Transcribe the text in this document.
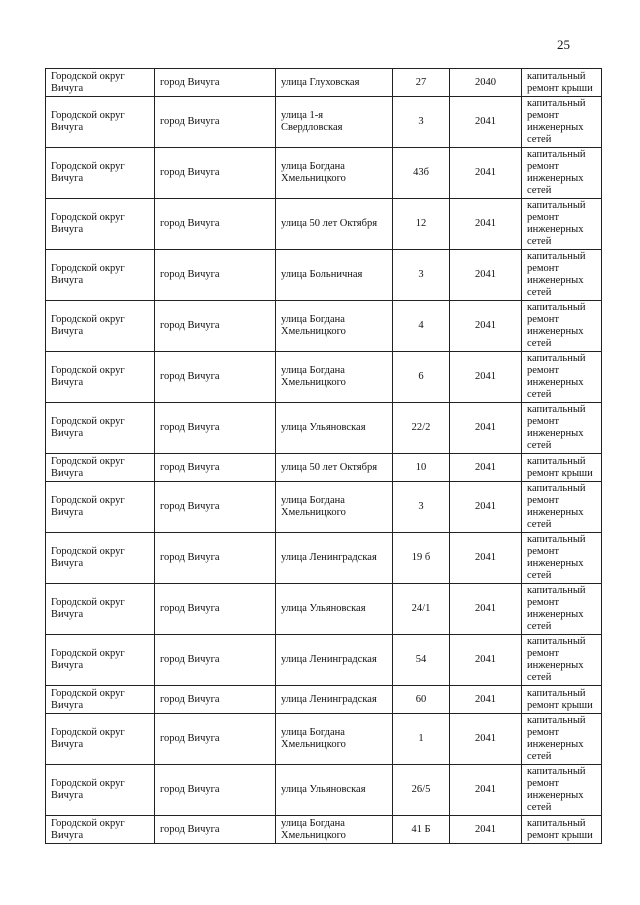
25
Городской округ Вичуга	город Вичуга	улица Глуховская	27	2040	капитальный ремонт крыши
Городской округ Вичуга	город Вичуга	улица 1-я Свердловская	3	2041	капитальный ремонт инженерных сетей
Городской округ Вичуга	город Вичуга	улица Богдана Хмельницкого	43б	2041	капитальный ремонт инженерных сетей
Городской округ Вичуга	город Вичуга	улица 50 лет Октября	12	2041	капитальный ремонт инженерных сетей
Городской округ Вичуга	город Вичуга	улица Больничная	3	2041	капитальный ремонт инженерных сетей
Городской округ Вичуга	город Вичуга	улица Богдана Хмельницкого	4	2041	капитальный ремонт инженерных сетей
Городской округ Вичуга	город Вичуга	улица Богдана Хмельницкого	6	2041	капитальный ремонт инженерных сетей
Городской округ Вичуга	город Вичуга	улица Ульяновская	22/2	2041	капитальный ремонт инженерных сетей
Городской округ Вичуга	город Вичуга	улица 50 лет Октября	10	2041	капитальный ремонт крыши
Городской округ Вичуга	город Вичуга	улица Богдана Хмельницкого	3	2041	капитальный ремонт инженерных сетей
Городской округ Вичуга	город Вичуга	улица Ленинградская	19 б	2041	капитальный ремонт инженерных сетей
Городской округ Вичуга	город Вичуга	улица Ульяновская	24/1	2041	капитальный ремонт инженерных сетей
Городской округ Вичуга	город Вичуга	улица Ленинградская	54	2041	капитальный ремонт инженерных сетей
Городской округ Вичуга	город Вичуга	улица Ленинградская	60	2041	капитальный ремонт крыши
Городской округ Вичуга	город Вичуга	улица Богдана Хмельницкого	1	2041	капитальный ремонт инженерных сетей
Городской округ Вичуга	город Вичуга	улица Ульяновская	26/5	2041	капитальный ремонт инженерных сетей
Городской округ Вичуга	город Вичуга	улица Богдана Хмельницкого	41 Б	2041	капитальный ремонт крыши
